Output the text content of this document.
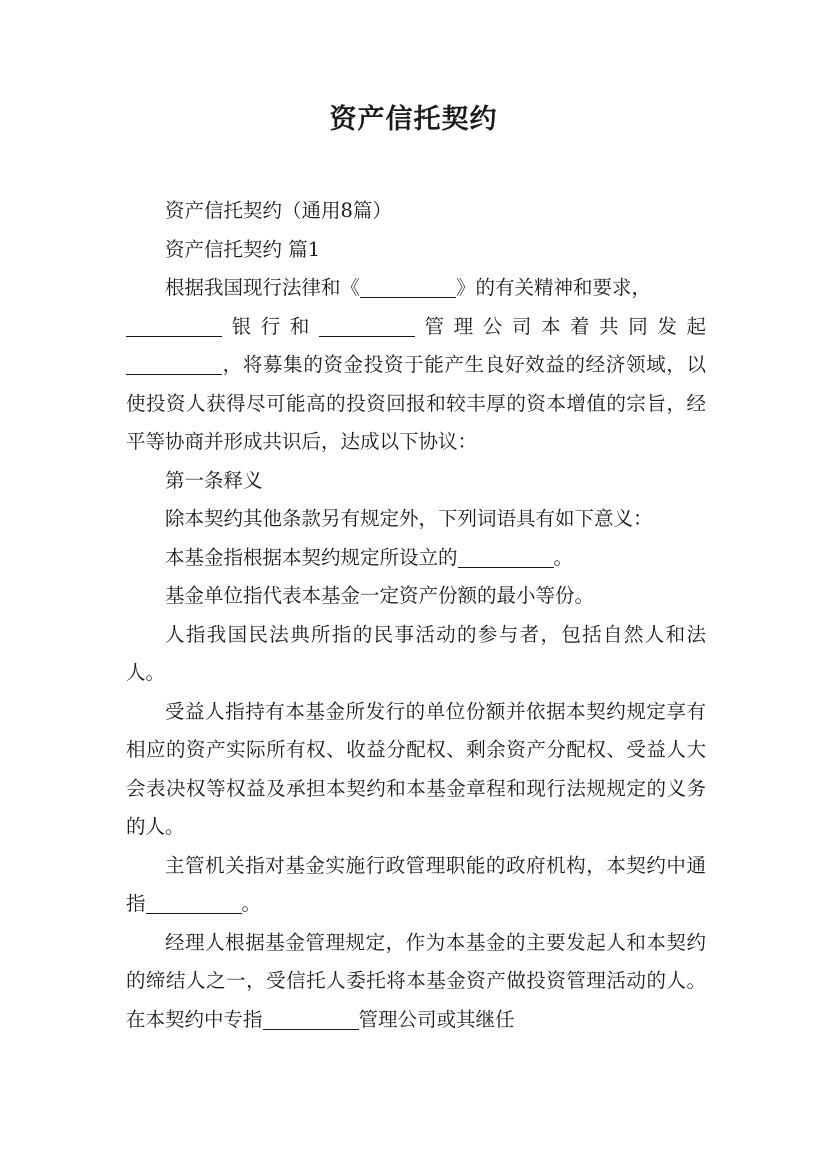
资产信托契约

资产信托契约（通用8篇）

资产信托契约 篇1

根据我国现行法律和《	》的有关精神和要求，

银行和	管理公司本着共同发起

，将募集的资金投资于能产生良好效益的经济领域，以使投资人获得尽可能高的投资回报和较丰厚的资本增值的宗旨，经平等协商并形成共识后，达成以下协议：

第一条释义

除本契约其他条款另有规定外，下列词语具有如下意义：

本基金指根据本契约规定所设立的	。

基金单位指代表本基金一定资产份额的最小等份。

人指我国民法典所指的民事活动的参与者，包括自然人和法人。

受益人指持有本基金所发行的单位份额并依据本契约规定享有相应的资产实际所有权、收益分配权、剩余资产分配权、受益人大会表决权等权益及承担本契约和本基金章程和现行法规规定的义务的人。

主管机关指对基金实施行政管理职能的政府机构，本契约中通指	。

经理人根据基金管理规定，作为本基金的主要发起人和本契约的缔结人之一，受信托人委托将本基金资产做投资管理活动的人。在本契约中专指	管理公司或其继任
